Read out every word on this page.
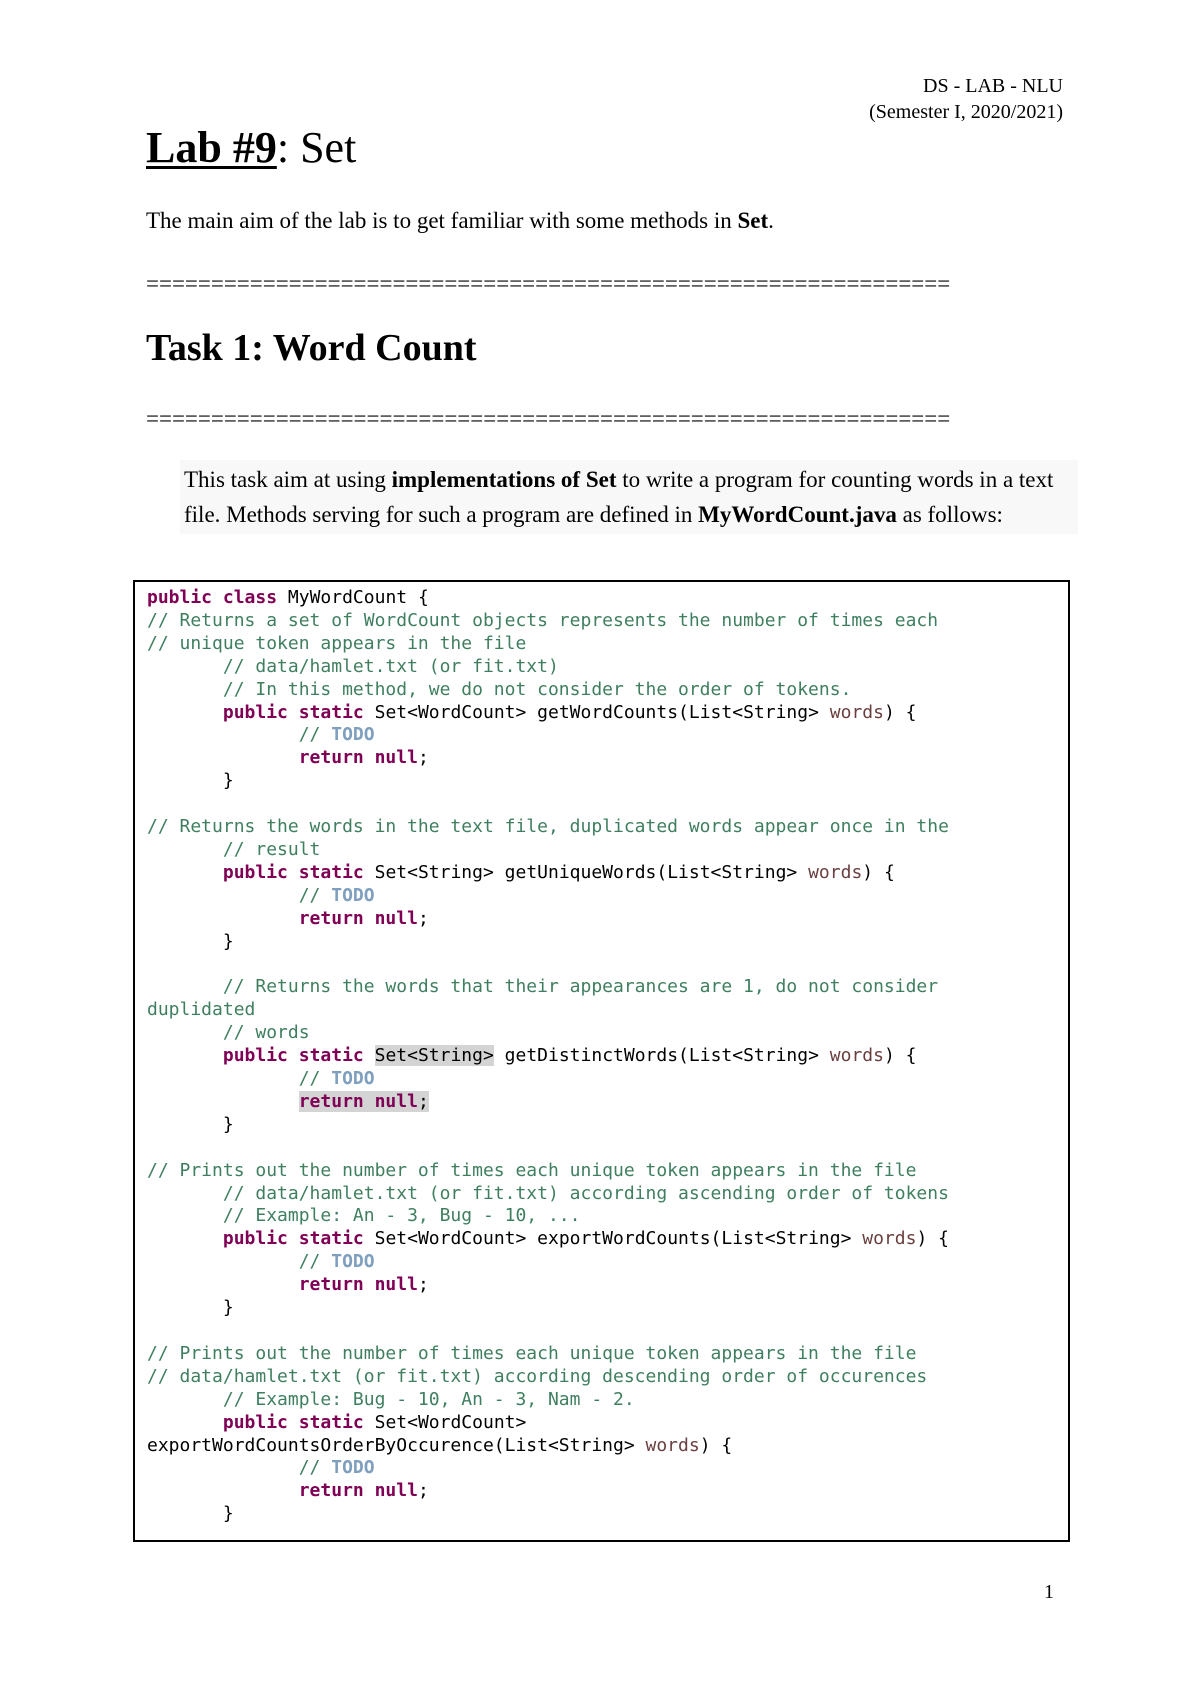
DS - LAB - NLU
(Semester I, 2020/2021)
Lab #9: Set

The main aim of the lab is to get familiar with some methods in Set.

==============================================================

Task 1: Word Count

==============================================================

This task aim at using implementations of Set to write a program for counting words in a text file. Methods serving for such a program are defined in MyWordCount.java as follows:

public class MyWordCount {
// Returns a set of WordCount objects represents the number of times each
// unique token appears in the file
// data/hamlet.txt (or fit.txt)
// In this method, we do not consider the order of tokens.
public static Set<WordCount> getWordCounts(List<String> words) {
// TODO
return null;
}

// Returns the words in the text file, duplicated words appear once in the
// result
public static Set<String> getUniqueWords(List<String> words) {
// TODO
return null;
}

// Returns the words that their appearances are 1, do not consider
duplidated
// words
public static Set<String> getDistinctWords(List<String> words) {
// TODO
return null;
}

// Prints out the number of times each unique token appears in the file
// data/hamlet.txt (or fit.txt) according ascending order of tokens
// Example: An - 3, Bug - 10, ...
public static Set<WordCount> exportWordCounts(List<String> words) {
// TODO
return null;
}

// Prints out the number of times each unique token appears in the file
// data/hamlet.txt (or fit.txt) according descending order of occurences
// Example: Bug - 10, An - 3, Nam - 2.
public static Set<WordCount>
exportWordCountsOrderByOccurence(List<String> words) {
// TODO
return null;
}
1
